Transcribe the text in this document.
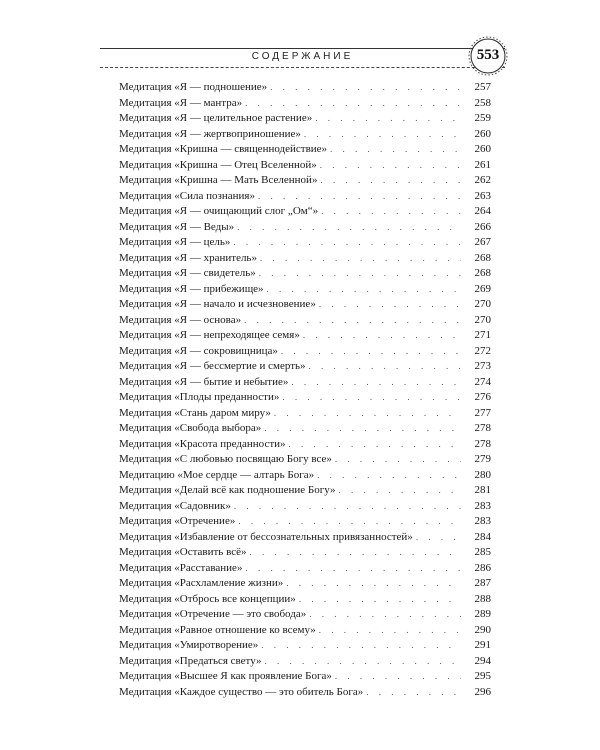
СОДЕРЖАНИЕ	553
Медитация «Я — подношение» . . .	257
Медитация «Я — мантра» . . .	258
Медитация «Я — целительное растение» . . .	259
Медитация «Я — жертвоприношение» . . .	260
Медитация «Кришна — священнодействие» . . .	260
Медитация «Кришна — Отец Вселенной» . . .	261
Медитация «Кришна — Мать Вселенной» . . .	262
Медитация «Сила познания» . . .	263
Медитация «Я — очищающий слог „Ом“» . . .	264
Медитация «Я — Веды» . . .	266
Медитация «Я — цель» . . .	267
Медитация «Я — хранитель» . . .	268
Медитация «Я — свидетель» . . .	268
Медитация «Я — прибежище» . . .	269
Медитация «Я — начало и исчезновение» . . .	270
Медитация «Я — основа» . . .	270
Медитация «Я — непреходящее семя» . . .	271
Медитация «Я — сокровищница» . . .	272
Медитация «Я — бессмертие и смерть» . . .	273
Медитация «Я — бытие и небытие» . . .	274
Медитация «Плоды преданности» . . .	276
Медитация «Стань даром миру» . . .	277
Медитация «Свобода выбора» . . .	278
Медитация «Красота преданности» . . .	278
Медитация «С любовью посвящаю Богу все» . . .	279
Медитацию «Мое сердце — алтарь Бога» . . .	280
Медитация «Делай всё как подношение Богу» . . .	281
Медитация «Садовник» . . .	283
Медитация «Отречение» . . .	283
Медитация «Избавление от бессознательных привязанностей» . . .	284
Медитация «Оставить всё» . . .	285
Медитация «Расставание» . . .	286
Медитация «Расхламление жизни» . . .	287
Медитация «Отбрось все концепции» . . .	288
Медитация «Отречение — это свобода» . . .	289
Медитация «Равное отношение ко всему» . . .	290
Медитация «Умиротворение» . . .	291
Медитация «Предаться свету» . . .	294
Медитация «Высшее Я как проявление Бога» . . .	295
Медитация «Каждое существо — это обитель Бога» . . .	296
